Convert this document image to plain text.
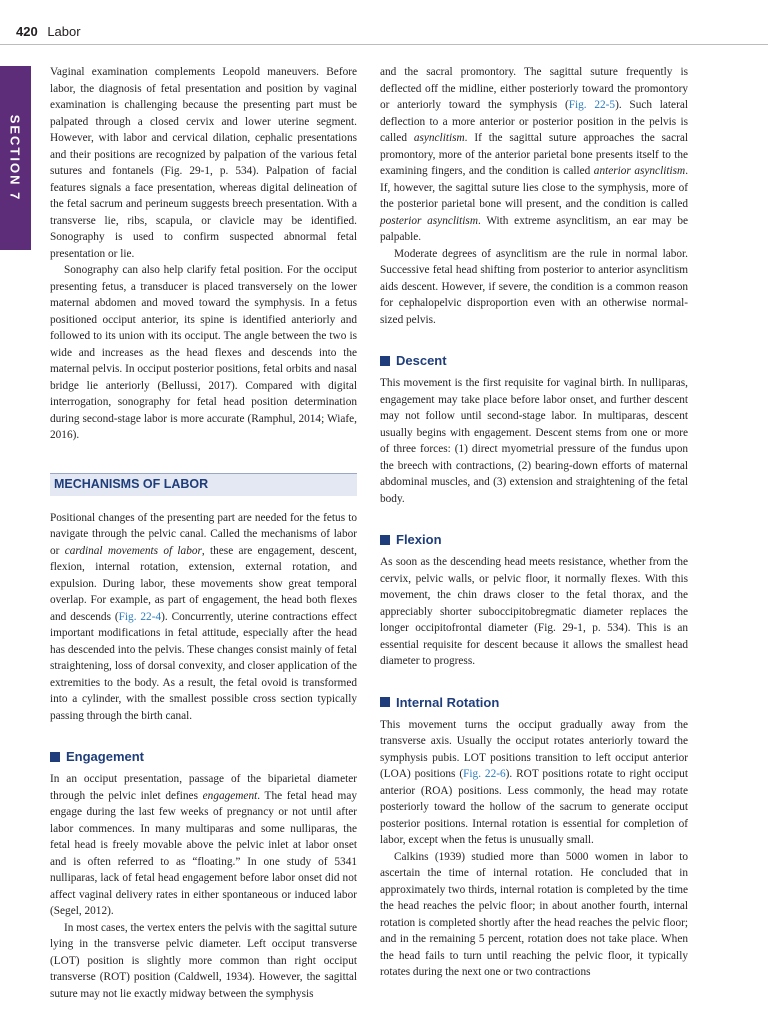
420 Labor
SECTION 7

Vaginal examination complements Leopold maneuvers. Before labor, the diagnosis of fetal presentation and position by vaginal examination is challenging because the presenting part must be palpated through a closed cervix and lower uterine segment. However, with labor and cervical dilation, cephalic presentations and their positions are recognized by palpation of the various fetal sutures and fontanels (Fig. 29-1, p. 534). Palpation of facial features signals a face presentation, whereas digital delineation of the fetal sacrum and perineum suggests breech presentation. With a transverse lie, ribs, scapula, or clavicle may be identified. Sonography is used to confirm suspected abnormal fetal presentation or lie.

Sonography can also help clarify fetal position. For the occiput presenting fetus, a transducer is placed transversely on the lower maternal abdomen and moved toward the symphysis. In a fetus positioned occiput anterior, its spine is identified anteriorly and followed to its union with its occiput. The angle between the two is wide and increases as the head flexes and descends into the maternal pelvis. In occiput posterior positions, fetal orbits and nasal bridge lie anteriorly (Bellussi, 2017). Compared with digital interrogation, sonography for fetal head position determination during second-stage labor is more accurate (Ramphul, 2014; Wiafe, 2016).

MECHANISMS OF LABOR

Positional changes of the presenting part are needed for the fetus to navigate through the pelvic canal. Called the mechanisms of labor or cardinal movements of labor, these are engagement, descent, flexion, internal rotation, extension, external rotation, and expulsion. During labor, these movements show great temporal overlap. For example, as part of engagement, the head both flexes and descends (Fig. 22-4). Concurrently, uterine contractions effect important modifications in fetal attitude, especially after the head has descended into the pelvis. These changes consist mainly of fetal straightening, loss of dorsal convexity, and closer application of the extremities to the body. As a result, the fetal ovoid is transformed into a cylinder, with the smallest possible cross section typically passing through the birth canal.

Engagement

In an occiput presentation, passage of the biparietal diameter through the pelvic inlet defines engagement. The fetal head may engage during the last few weeks of pregnancy or not until after labor commences. In many multiparas and some nulliparas, the fetal head is freely movable above the pelvic inlet at labor onset and is often referred to as “floating.” In one study of 5341 nulliparas, lack of fetal head engagement before labor onset did not affect vaginal delivery rates in either spontaneous or induced labor (Segel, 2012).

In most cases, the vertex enters the pelvis with the sagittal suture lying in the transverse pelvic diameter. Left occiput transverse (LOT) position is slightly more common than right occiput transverse (ROT) position (Caldwell, 1934). However, the sagittal suture may not lie exactly midway between the symphysis

and the sacral promontory. The sagittal suture frequently is deflected off the midline, either posteriorly toward the promontory or anteriorly toward the symphysis (Fig. 22-5). Such lateral deflection to a more anterior or posterior position in the pelvis is called asynclitism. If the sagittal suture approaches the sacral promontory, more of the anterior parietal bone presents itself to the examining fingers, and the condition is called anterior asynclitism. If, however, the sagittal suture lies close to the symphysis, more of the posterior parietal bone will present, and the condition is called posterior asynclitism. With extreme asynclitism, an ear may be palpable.

Moderate degrees of asynclitism are the rule in normal labor. Successive fetal head shifting from posterior to anterior asynclitism aids descent. However, if severe, the condition is a common reason for cephalopelvic disproportion even with an otherwise normal-sized pelvis.

Descent

This movement is the first requisite for vaginal birth. In nulliparas, engagement may take place before labor onset, and further descent may not follow until second-stage labor. In multiparas, descent usually begins with engagement. Descent stems from one or more of three forces: (1) direct myometrial pressure of the fundus upon the breech with contractions, (2) bearing-down efforts of maternal abdominal muscles, and (3) extension and straightening of the fetal body.

Flexion

As soon as the descending head meets resistance, whether from the cervix, pelvic walls, or pelvic floor, it normally flexes. With this movement, the chin draws closer to the fetal thorax, and the appreciably shorter suboccipitobregmatic diameter replaces the longer occipitofrontal diameter (Fig. 29-1, p. 534). This is an essential requisite for descent because it allows the smallest head diameter to progress.

Internal Rotation

This movement turns the occiput gradually away from the transverse axis. Usually the occiput rotates anteriorly toward the symphysis pubis. LOT positions transition to left occiput anterior (LOA) positions (Fig. 22-6). ROT positions rotate to right occiput anterior (ROA) positions. Less commonly, the head may rotate posteriorly toward the hollow of the sacrum to generate occiput posterior positions. Internal rotation is essential for completion of labor, except when the fetus is unusually small.

Calkins (1939) studied more than 5000 women in labor to ascertain the time of internal rotation. He concluded that in approximately two thirds, internal rotation is completed by the time the head reaches the pelvic floor; in about another fourth, internal rotation is completed shortly after the head reaches the pelvic floor; and in the remaining 5 percent, rotation does not take place. When the head fails to turn until reaching the pelvic floor, it typically rotates during the next one or two contractions
